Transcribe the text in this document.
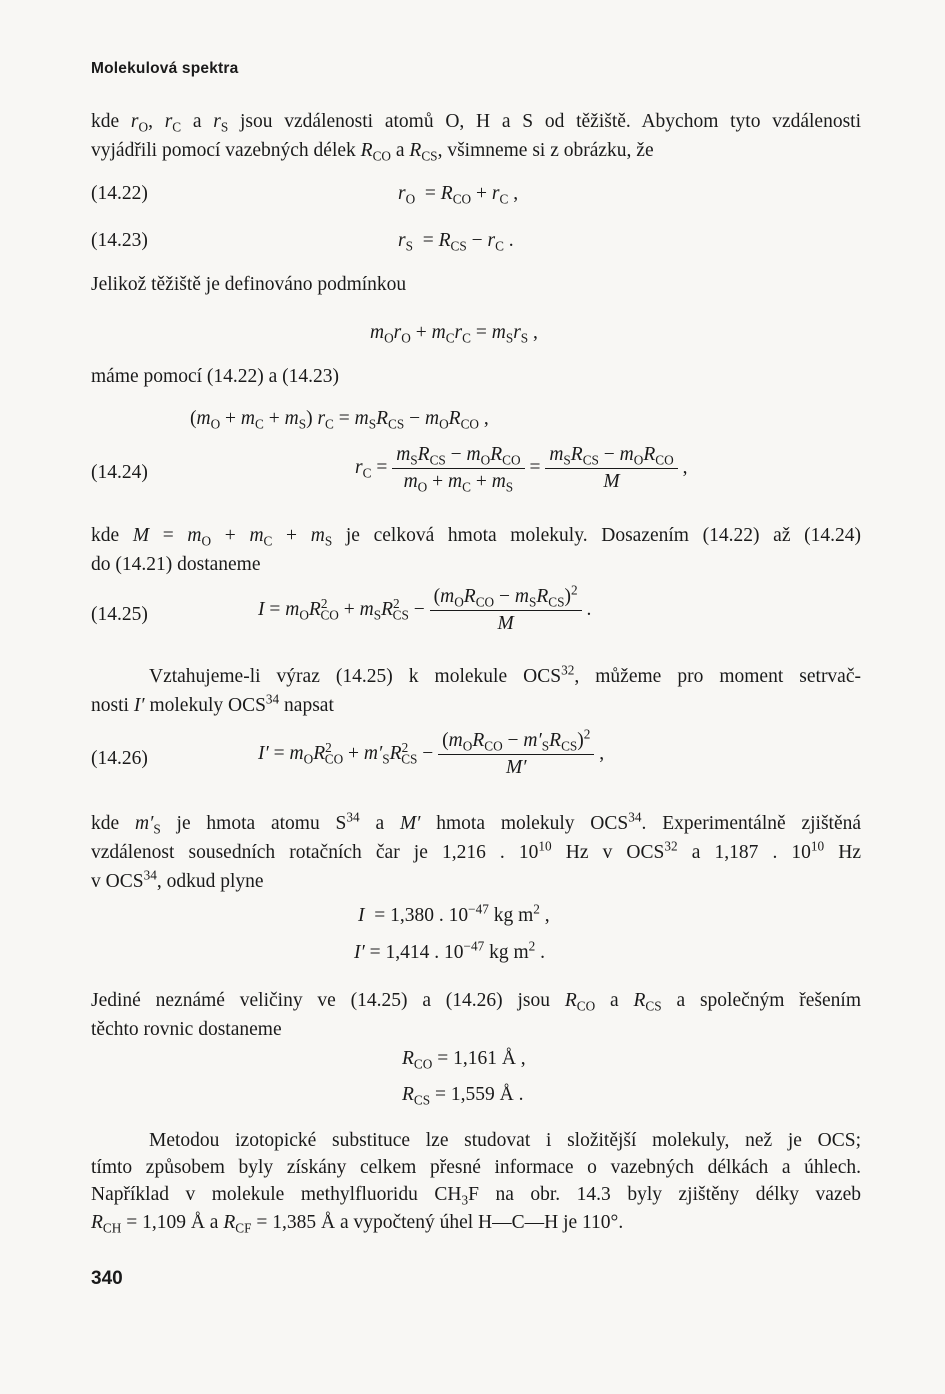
Molekulová spektra
kde $r_O$, $r_C$ a $r_S$ jsou vzdálenosti atomů O, H a S od těžiště. Abychom tyto vzdálenosti
vyjádřili pomocí vazebných délek $R_{CO}$ a $R_{CS}$, všimneme si z obrázku, že
(14.22)	$r_O = R_{CO} + r_C$ ,
(14.23)	$r_S = R_{CS} - r_C$ .
Jelikož těžiště je definováno podmínkou
$m_Or_O + m_Cr_C = m_Sr_S$ ,
máme pomocí (14.22) a (14.23)
$(m_O + m_C + m_S) r_C = m_SR_{CS} - m_OR_{CO}$ ,
(14.24)	$r_C = \frac{m_SR_{CS} - m_OR_{CO}}{m_O + m_C + m_S} = \frac{m_SR_{CS} - m_OR_{CO}}{M}$ ,
kde $M = m_O + m_C + m_S$ je celková hmota molekuly. Dosazením (14.22) až (14.24)
do (14.21) dostaneme
(14.25)	$I = m_OR^2_{CO} + m_SR^2_{CS} - \frac{(m_OR_{CO} - m_SR_{CS})^2}{M}$ .
Vztahujeme-li výraz (14.25) k molekule OCS$^{32}$, můžeme pro moment setrvač-
nosti I′ molekuly OCS$^{34}$ napsat
(14.26)	$I' = m_OR^2_{CO} + m'_SR^2_{CS} - \frac{(m_OR_{CO} - m'_SR_{CS})^2}{M'}$ ,
kde $m'_S$ je hmota atomu $S^{34}$ a M′ hmota molekuly OCS$^{34}$. Experimentálně zjištěná
vzdálenost sousedních rotačních čar je 1,216 . $10^{10}$ Hz v OCS$^{32}$ a 1,187 . $10^{10}$ Hz
v OCS$^{34}$, odkud plyne
I  = 1,380 . $10^{-47}$ kg $m^2$ ,
I′ = 1,414 . $10^{-47}$ kg $m^2$ .
Jediné neznámé veličiny ve (14.25) a (14.26) jsou $R_{CO}$ a $R_{CS}$ a společným řešením
těchto rovnic dostaneme
$R_{CO} = 1,161$ Å ,
$R_{CS} = 1,559$ Å .
Metodou izotopické substituce lze studovat i složitější molekuly, než je OCS;
tímto způsobem byly získány celkem přesné informace o vazebných délkách a úhlech.
Například v molekule methylfluoridu $CH_3F$ na obr. 14.3 byly zjištěny délky vazeb
$R_{CH} = 1,109$ Å a $R_{CF} = 1,385$ Å a vypočtený úhel H—C—H je 110°.
340
